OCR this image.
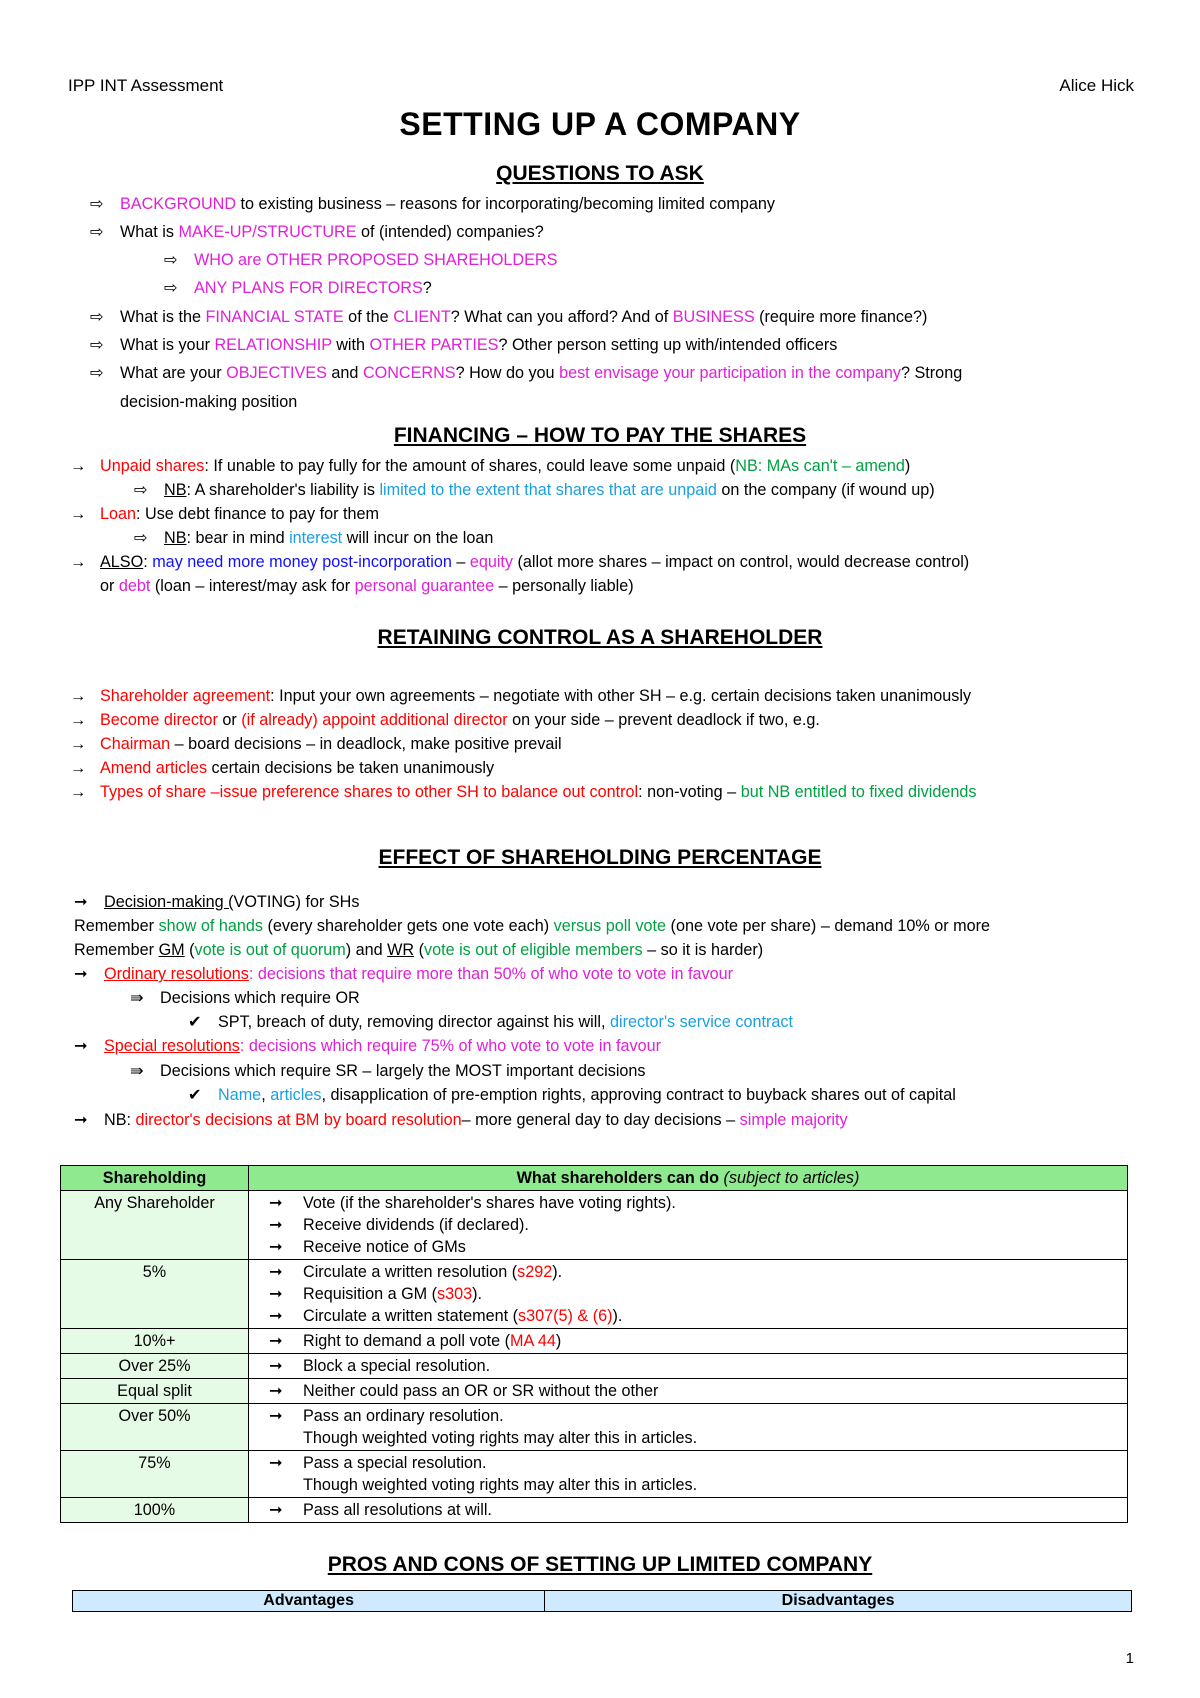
IPP INT Assessment	Alice Hick
SETTING UP A COMPANY
QUESTIONS TO ASK
⇨ BACKGROUND to existing business – reasons for incorporating/becoming limited company
⇨ What is MAKE-UP/STRUCTURE of (intended) companies?
⇨ WHO are OTHER PROPOSED SHAREHOLDERS
⇨ ANY PLANS FOR DIRECTORS?
⇨ What is the FINANCIAL STATE of the CLIENT? What can you afford? And of BUSINESS (require more finance?)
⇨ What is your RELATIONSHIP with OTHER PARTIES? Other person setting up with/intended officers
⇨ What are your OBJECTIVES and CONCERNS? How do you best envisage your participation in the company? Strong
decision-making position
FINANCING – HOW TO PAY THE SHARES
→ Unpaid shares: If unable to pay fully for the amount of shares, could leave some unpaid (NB: MAs can't – amend)
⇨ NB: A shareholder's liability is limited to the extent that shares that are unpaid on the company (if wound up)
→ Loan: Use debt finance to pay for them
⇨ NB: bear in mind interest will incur on the loan
→ ALSO: may need more money post-incorporation – equity (allot more shares – impact on control, would decrease control)
or debt (loan – interest/may ask for personal guarantee – personally liable)
RETAINING CONTROL AS A SHAREHOLDER
→ Shareholder agreement: Input your own agreements – negotiate with other SH – e.g. certain decisions taken unanimously
→ Become director or (if already) appoint additional director on your side – prevent deadlock if two, e.g.
→ Chairman – board decisions – in deadlock, make positive prevail
→ Amend articles certain decisions be taken unanimously
→ Types of share –issue preference shares to other SH to balance out control: non-voting – but NB entitled to fixed dividends
EFFECT OF SHAREHOLDING PERCENTAGE
➞ Decision-making (VOTING) for SHs
Remember show of hands (every shareholder gets one vote each) versus poll vote (one vote per share) – demand 10% or more
Remember GM (vote is out of quorum) and WR (vote is out of eligible members – so it is harder)
➞ Ordinary resolutions: decisions that require more than 50% of who vote to vote in favour
⇛ Decisions which require OR
✔ SPT, breach of duty, removing director against his will, director's service contract
➞ Special resolutions: decisions which require 75% of who vote to vote in favour
⇛ Decisions which require SR – largely the MOST important decisions
✔ Name, articles, disapplication of pre-emption rights, approving contract to buyback shares out of capital
➞ NB: director's decisions at BM by board resolution– more general day to day decisions – simple majority
Shareholding	What shareholders can do (subject to articles)
Any Shareholder	➞ Vote (if the shareholder's shares have voting rights).
➞ Receive dividends (if declared).
➞ Receive notice of GMs

5%	➞ Circulate a written resolution (s292).
➞ Requisition a GM (s303).
➞ Circulate a written statement (s307(5) & (6)).

10%+	➞ Right to demand a poll vote (MA 44)

Over 25%	➞ Block a special resolution.

Equal split	➞ Neither could pass an OR or SR without the other

Over 50%	➞ Pass an ordinary resolution.
Though weighted voting rights may alter this in articles.

75%	➞ Pass a special resolution.
Though weighted voting rights may alter this in articles.

100%	➞ Pass all resolutions at will.
PROS AND CONS OF SETTING UP LIMITED COMPANY
Advantages	Disadvantages
1
